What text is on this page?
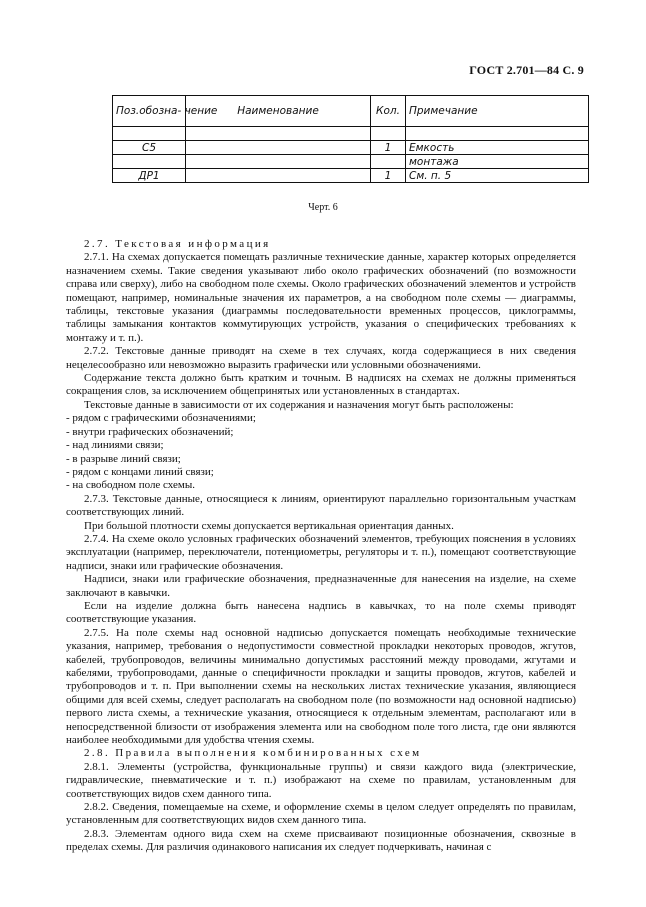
ГОСТ 2.701—84 С. 9
Поз.обозна- чение	Наименование	Кол.	Примечание

C5		1	Емкость
			монтажа
ДР1		1	См. п. 5
Черт. 6

2.7. Текстовая информация

2.7.1. На схемах допускается помещать различные технические данные, характер которых определяется назначением схемы. Такие сведения указывают либо около графических обозначений (по возможности справа или сверху), либо на свободном поле схемы. Около графических обозначений элементов и устройств помещают, например, номинальные значения их параметров, а на свободном поле схемы — диаграммы, таблицы, текстовые указания (диаграммы последовательности временных процессов, циклограммы, таблицы замыкания контактов коммутирующих устройств, указания о специфических требованиях к монтажу и т. п.).

2.7.2. Текстовые данные приводят на схеме в тех случаях, когда содержащиеся в них сведения нецелесообразно или невозможно выразить графически или условными обозначениями.

Содержание текста должно быть кратким и точным. В надписях на схемах не должны применяться сокращения слов, за исключением общепринятых или установленных в стандартах.

Текстовые данные в зависимости от их содержания и назначения могут быть расположены:

- рядом с графическими обозначениями;

- внутри графических обозначений;

- над линиями связи;

- в разрыве линий связи;

- рядом с концами линий связи;

- на свободном поле схемы.

2.7.3. Текстовые данные, относящиеся к линиям, ориентируют параллельно горизонтальным участкам соответствующих линий.

При большой плотности схемы допускается вертикальная ориентация данных.

2.7.4. На схеме около условных графических обозначений элементов, требующих пояснения в условиях эксплуатации (например, переключатели, потенциометры, регуляторы и т. п.), помещают соответствующие надписи, знаки или графические обозначения.

Надписи, знаки или графические обозначения, предназначенные для нанесения на изделие, на схеме заключают в кавычки.

Если на изделие должна быть нанесена надпись в кавычках, то на поле схемы приводят соответствующие указания.

2.7.5. На поле схемы над основной надписью допускается помещать необходимые технические указания, например, требования о недопустимости совместной прокладки некоторых проводов, жгутов, кабелей, трубопроводов, величины минимально допустимых расстояний между проводами, жгутами и кабелями, трубопроводами, данные о специфичности прокладки и защиты проводов, жгутов, кабелей и трубопроводов и т. п. При выполнении схемы на нескольких листах технические указания, являющиеся общими для всей схемы, следует располагать на свободном поле (по возможности над основной надписью) первого листа схемы, а технические указания, относящиеся к отдельным элементам, располагают или в непосредственной близости от изображения элемента или на свободном поле того листа, где они являются наиболее необходимыми для удобства чтения схемы.

2.8. Правила выполнения комбинированных схем

2.8.1. Элементы (устройства, функциональные группы) и связи каждого вида (электрические, гидравлические, пневматические и т. п.) изображают на схеме по правилам, установленным для соответствующих видов схем данного типа.

2.8.2. Сведения, помещаемые на схеме, и оформление схемы в целом следует определять по правилам, установленным для соответствующих видов схем данного типа.

2.8.3. Элементам одного вида схем на схеме присваивают позиционные обозначения, сквозные в пределах схемы. Для различия одинакового написания их следует подчеркивать, начиная с
